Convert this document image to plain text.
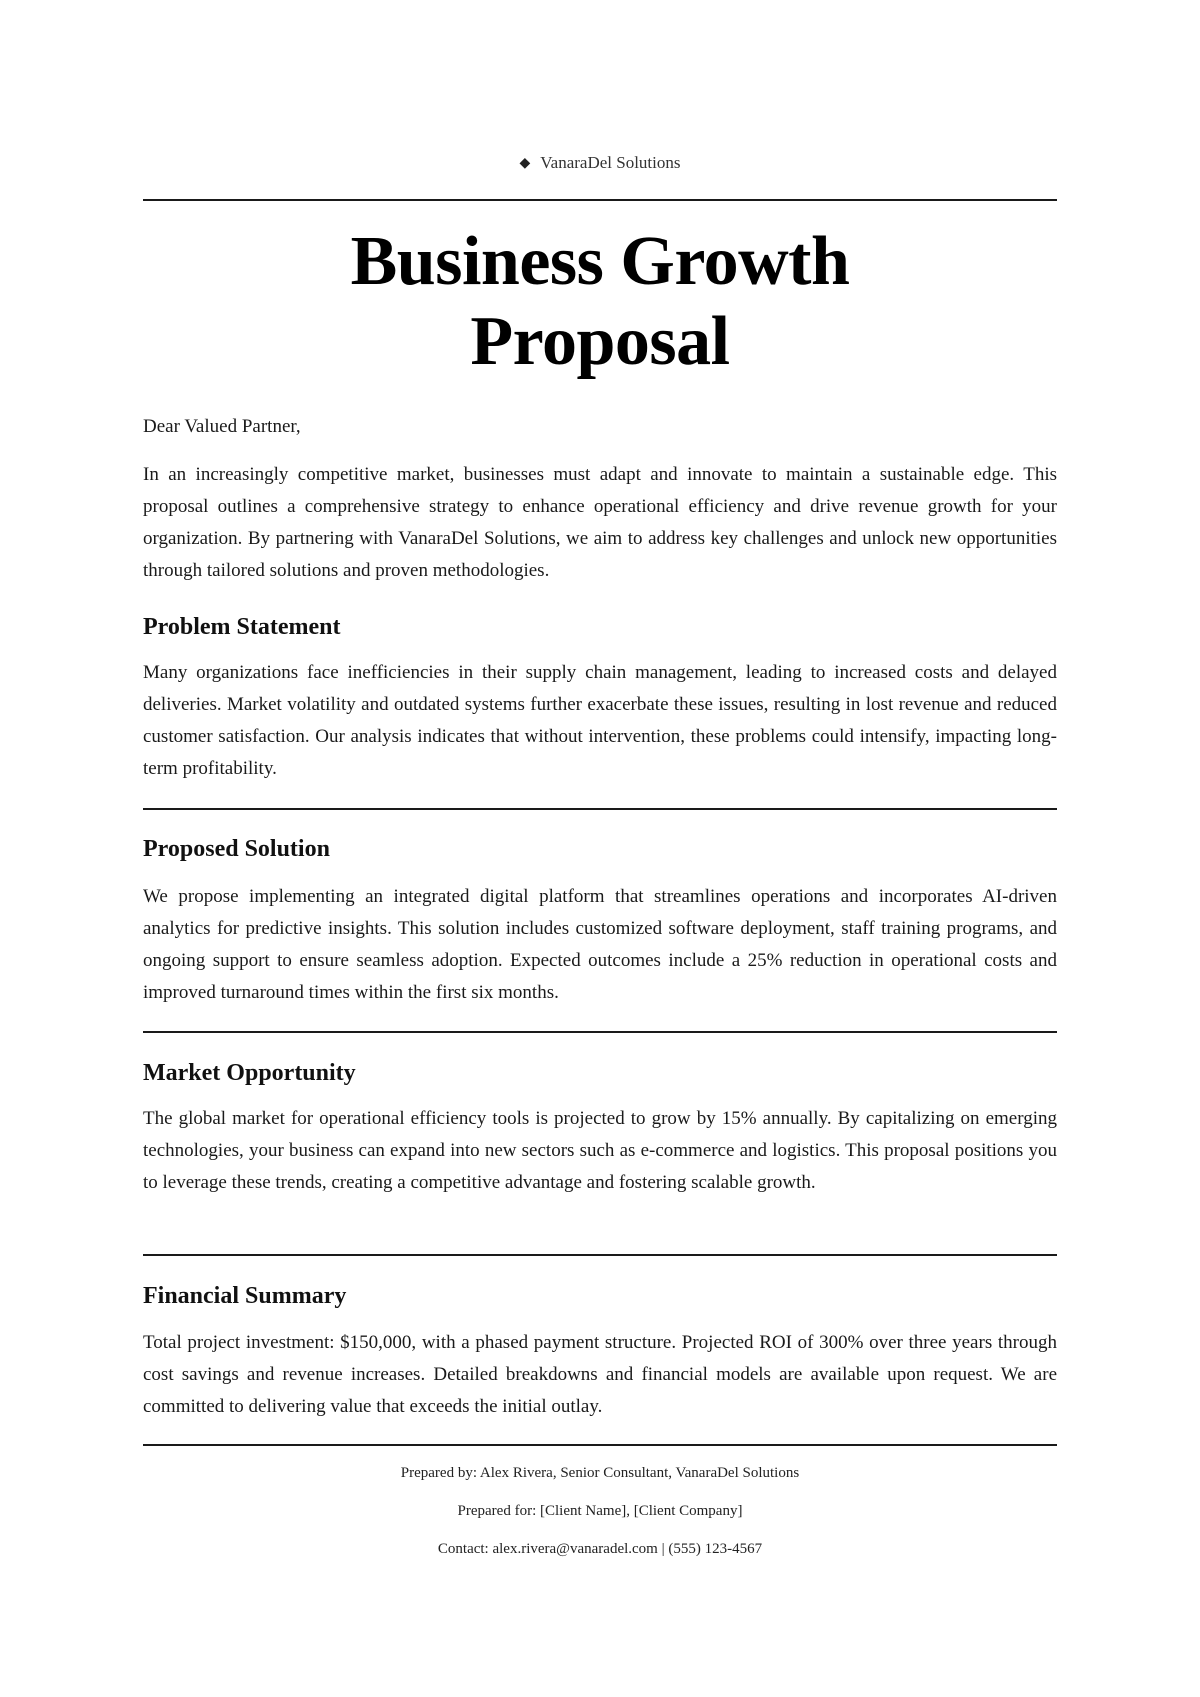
◆ VanaraDel Solutions
Business Growth
Proposal

Dear Valued Partner,

In an increasingly competitive market, businesses must adapt and innovate to maintain a sustainable edge. This proposal outlines a comprehensive strategy to enhance operational efficiency and drive revenue growth for your organization. By partnering with VanaraDel Solutions, we aim to address key challenges and unlock new opportunities through tailored solutions and proven methodologies.

Problem Statement

Many organizations face inefficiencies in their supply chain management, leading to increased costs and delayed deliveries. Market volatility and outdated systems further exacerbate these issues, resulting in lost revenue and reduced customer satisfaction. Our analysis indicates that without intervention, these problems could intensify, impacting long-term profitability.

Proposed Solution

We propose implementing an integrated digital platform that streamlines operations and incorporates AI-driven analytics for predictive insights. This solution includes customized software deployment, staff training programs, and ongoing support to ensure seamless adoption. Expected outcomes include a 25% reduction in operational costs and improved turnaround times within the first six months.

Market Opportunity

The global market for operational efficiency tools is projected to grow by 15% annually. By capitalizing on emerging technologies, your business can expand into new sectors such as e-commerce and logistics. This proposal positions you to leverage these trends, creating a competitive advantage and fostering scalable growth.

Financial Summary

Total project investment: $150,000, with a phased payment structure. Projected ROI of 300% over three years through cost savings and revenue increases. Detailed breakdowns and financial models are available upon request. We are committed to delivering value that exceeds the initial outlay.

Prepared by: Alex Rivera, Senior Consultant, VanaraDel Solutions
Prepared for: [Client Name], [Client Company]
Contact: alex.rivera@vanaradel.com | (555) 123-4567
